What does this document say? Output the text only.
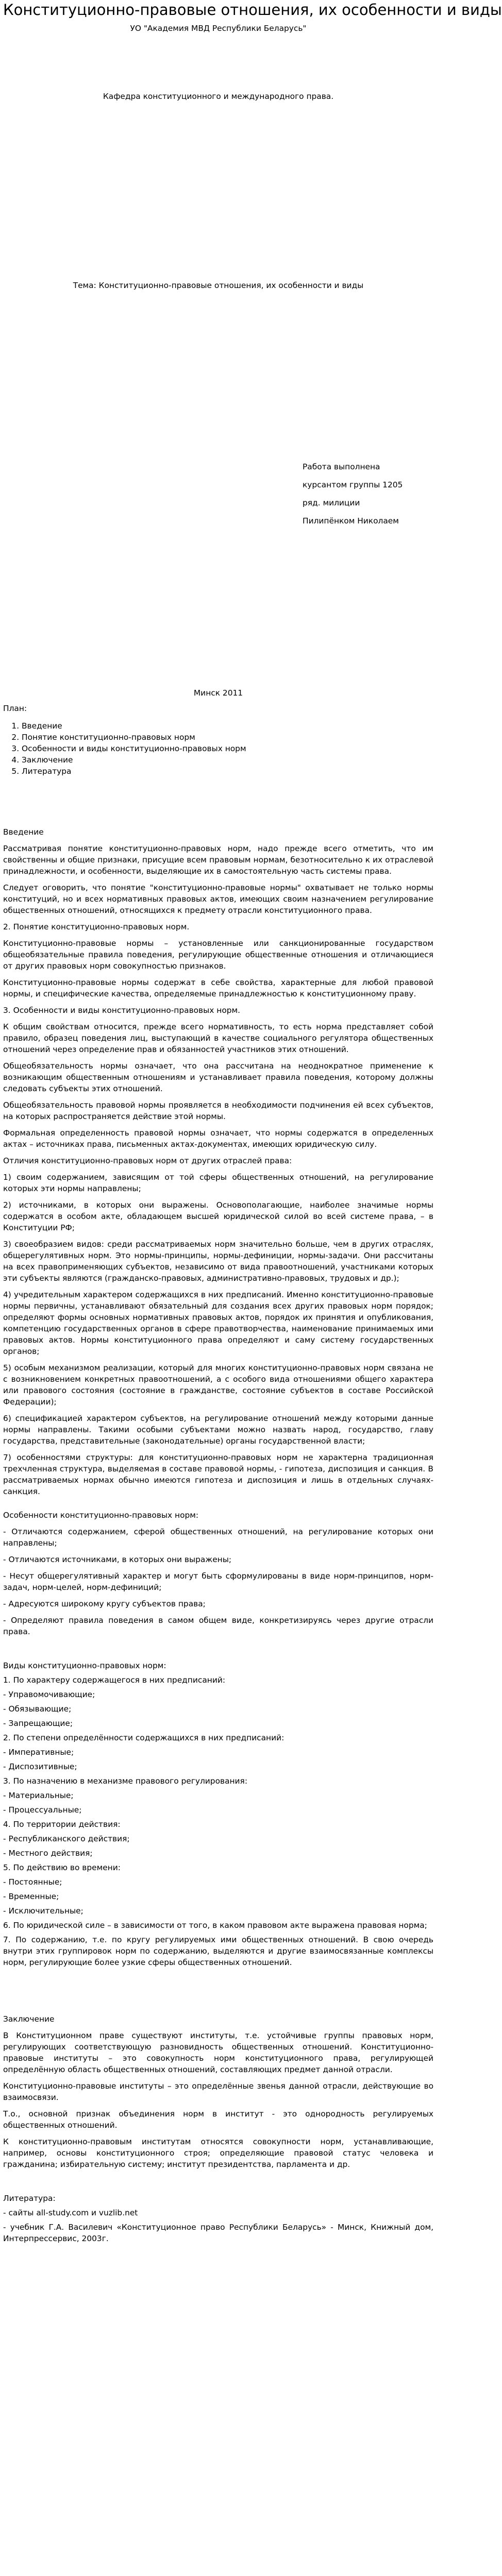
Конституционно-правовые отношения, их особенности и виды
УО "Академия МВД Республики Беларусь"
Кафедра конституционного и международного права.
Тема: Конституционно-правовые отношения, их особенности и виды
Работа выполнена
курсантом группы 1205
ряд. милиции
Пилипёнком Николаем
Минск 2011
План:
1. Введение
2. Понятие конституционно-правовых норм
3. Особенности и виды конституционно-правовых норм
4. Заключение
5. Литература
Введение
Рассматривая понятие конституционно-правовых норм, надо прежде всего отметить, что им свойственны и общие признаки, присущие всем правовым нормам, безотносительно к их отраслевой принадлежности, и особенности, выделяющие их в самостоятельную часть системы права.
Следует оговорить, что понятие "конституционно-правовые нормы" охватывает не только нормы конституций, но и всех нормативных правовых актов, имеющих своим назначением регулирование общественных отношений, относящихся к предмету отрасли конституционного права.
2. Понятие конституционно-правовых норм.
Конституционно-правовые нормы – установленные или санкционированные государством общеобязательные правила поведения, регулирующие общественные отношения и отличающиеся от других правовых норм совокупностью признаков.
Конституционно-правовые нормы содержат в себе свойства, характерные для любой правовой нормы, и специфические качества, определяемые принадлежностью к конституционному праву.
3. Особенности и виды конституционно-правовых норм.
К общим свойствам относится, прежде всего нормативность, то есть норма представляет собой правило, образец поведения лиц, выступающий в качестве социального регулятора общественных отношений через определение прав и обязанностей участников этих отношений.
Общеобязательность нормы означает, что она рассчитана на неоднократное применение к возникающим общественным отношениям и устанавливает правила поведения, которому должны следовать субъекты этих отношений.
Общеобязательность правовой нормы проявляется в необходимости подчинения ей всех субъектов, на которых распространяется действие этой нормы.
Формальная определенность правовой нормы означает, что нормы содержатся в определенных актах – источниках права, письменных актах-документах, имеющих юридическую силу.
Отличия конституционно-правовых норм от других отраслей права:
1) своим содержанием, зависящим от той сферы общественных отношений, на регулирование которых эти нормы направлены;
2) источниками, в которых они выражены. Основополагающие, наиболее значимые нормы содержатся в особом акте, обладающем высшей юридической силой во всей системе права, – в Конституции РФ;
3) своеобразием видов: среди рассматриваемых норм значительно больше, чем в других отраслях, общерегулятивных норм. Это нормы-принципы, нормы-дефиниции, нормы-задачи. Они рассчитаны на всех правоприменяющих субъектов, независимо от вида правоотношений, участниками которых эти субъекты являются (гражданско-правовых, административно-правовых, трудовых и др.);
4) учредительным характером содержащихся в них предписаний. Именно конституционно-правовые нормы первичны, устанавливают обязательный для создания всех других правовых норм порядок; определяют формы основных нормативных правовых актов, порядок их принятия и опубликования, компетенцию государственных органов в сфере правотворчества, наименование принимаемых ими правовых актов. Нормы конституционного права определяют и саму систему государственных органов;
5) особым механизмом реализации, который для многих конституционно-правовых норм связана не с возникновением конкретных правоотношений, а с особого вида отношениями общего характера или правового состояния (состояние в гражданстве, состояние субъектов в составе Российской Федерации);
6) спецификацией характером субъектов, на регулирование отношений между которыми данные нормы направлены. Такими особыми субъектами можно назвать народ, государство, главу государства, представительные (законодательные) органы государственной власти;
7) особенностями структуры: для конституционно-правовых норм не характерна традиционная трехчленная структура, выделяемая в составе правовой нормы, - гипотеза, диспозиция и санкция. В рассматриваемых нормах обычно имеются гипотеза и диспозиция и лишь в отдельных случаях-санкция.
Особенности конституционно-правовых норм:
- Отличаются содержанием, сферой общественных отношений, на регулирование которых они направлены;
- Отличаются источниками, в которых они выражены;
- Несут общерегулятивный характер и могут быть сформулированы в виде норм-принципов, норм-задач, норм-целей, норм-дефиниций;
- Адресуются широкому кругу субъектов права;
- Определяют правила поведения в самом общем виде, конкретизируясь через другие отрасли права.
Виды конституционно-правовых норм:
1. По характеру содержащегося в них предписаний:
- Управомочивающие;
- Обязывающие;
- Запрещающие;
2. По степени определённости содержащихся в них предписаний:
- Императивные;
- Диспозитивные;
3. По назначению в механизме правового регулирования:
- Материальные;
- Процессуальные;
4. По территории действия:
- Республиканского действия;
- Местного действия;
5. По действию во времени:
- Постоянные;
- Временные;
- Исключительные;
6. По юридической силе – в зависимости от того, в каком правовом акте выражена правовая норма;
7. По содержанию, т.е. по кругу регулируемых ими общественных отношений. В свою очередь внутри этих группировок норм по содержанию, выделяются и другие взаимосвязанные комплексы норм, регулирующие более узкие сферы общественных отношений.
Заключение
В Конституционном праве существуют институты, т.е. устойчивые группы правовых норм, регулирующих соответствующую разновидность общественных отношений. Конституционно-правовые институты – это совокупность норм конституционного права, регулирующей определённую область общественных отношений, составляющих предмет данной отрасли.
Конституционно-правовые институты – это определённые звенья данной отрасли, действующие во взаимосвязи.
Т.о., основной признак объединения норм в институт - это однородность регулируемых общественных отношений.
К конституционно-правовым институтам относятся совокупности норм, устанавливающие, например, основы конституционного строя; определяющие правовой статус человека и гражданина; избирательную систему; институт президентства, парламента и др.
Литература:
- сайты all-study.com и vuzlib.net
- учебник Г.А. Василевич «Конституционное право Республики Беларусь» - Минск, Книжный дом, Интерпрессервис, 2003г.
